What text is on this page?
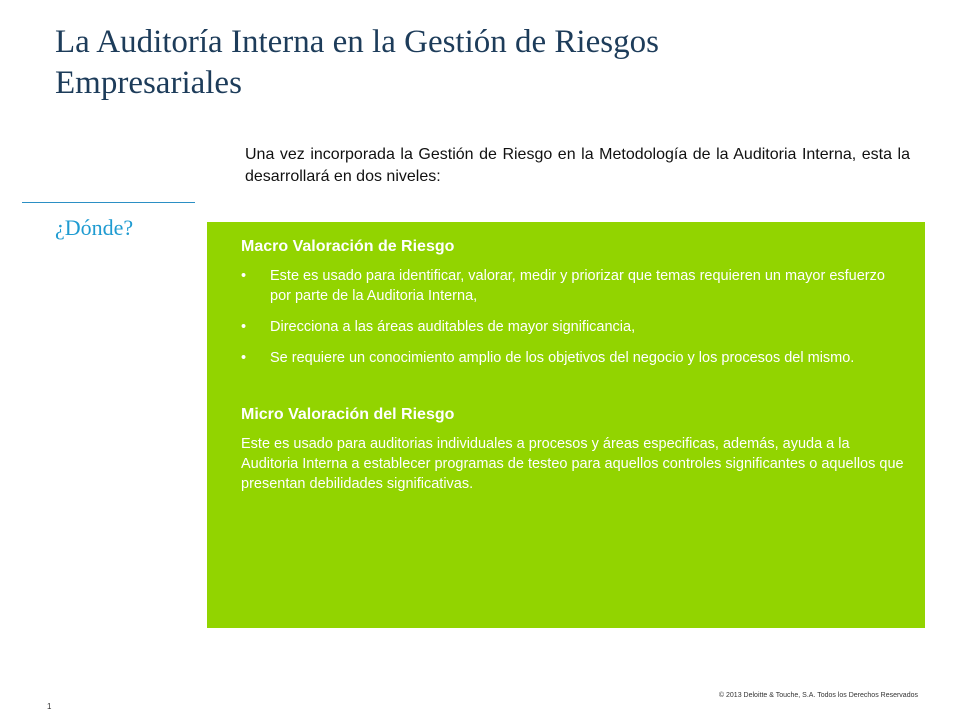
La Auditoría Interna en la Gestión de Riesgos
Empresariales

Una vez incorporada la Gestión de Riesgo en la Metodología de la Auditoria Interna, esta la desarrollará en dos niveles:

¿Dónde?
Macro Valoración de Riesgo
• Este es usado para identificar, valorar, medir y priorizar que temas requieren un mayor esfuerzo por parte de la Auditoria Interna,
• Direcciona a las áreas auditables de mayor significancia,
• Se requiere un conocimiento amplio de los objetivos del negocio y los procesos del mismo.
Micro Valoración del Riesgo

Este es usado para auditorias individuales a procesos y áreas especificas, además, ayuda a la Auditoria Interna a establecer programas de testeo para aquellos controles significantes o aquellos que presentan debilidades significativas.

1
© 2013 Deloitte & Touche, S.A. Todos los Derechos Reservados
